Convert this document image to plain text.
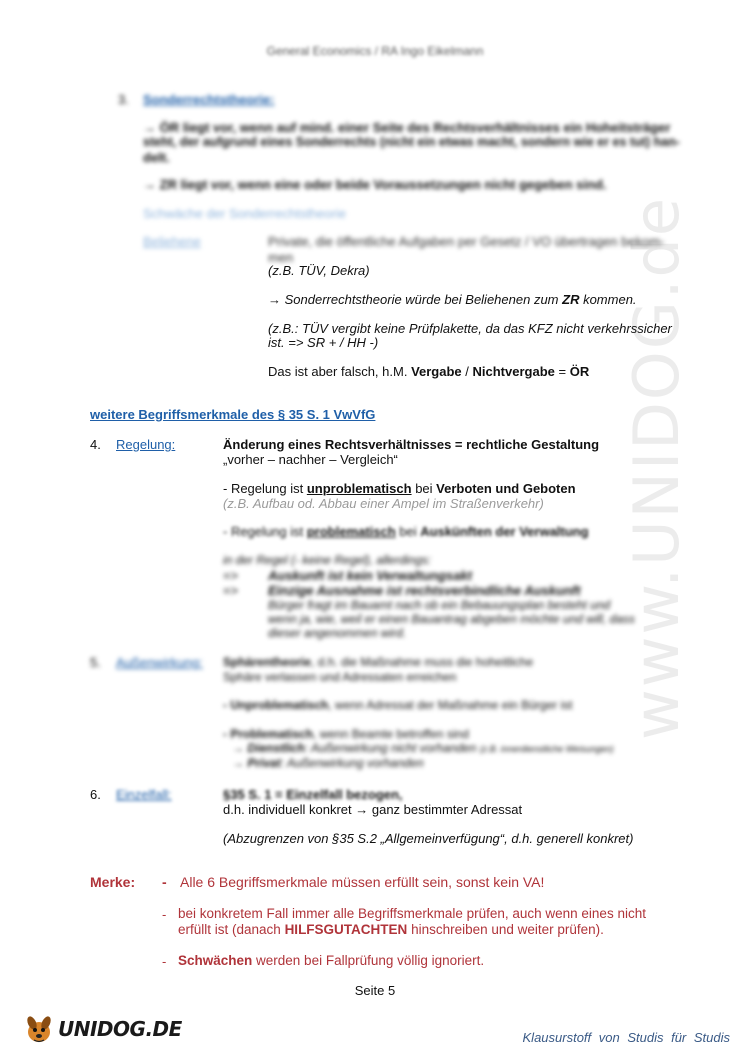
General Economics / RA Ingo Eikelmann
www.UNIDOG.de
3. Sonderrechtstheorie:
→ ÖR liegt vor, wenn auf mind. einer Seite des Rechtsverhältnisses ein Hoheitsträger
steht, der aufgrund eines Sonderrechts (nicht ein etwas macht, sondern wie er es tut) han-
delt.
→ ZR liegt vor, wenn eine oder beide Voraussetzungen nicht gegeben sind.
Schwäche der Sonderrechtstheorie
Beliehene	Private, die öffentliche Aufgaben per Gesetz / VO übertragen bekom-
men
(z.B. TÜV, Dekra)
→ Sonderrechtstheorie würde bei Beliehenen zum ZR kommen.
(z.B.: TÜV vergibt keine Prüfplakette, da das KFZ nicht verkehrssicher
ist. => SR + / HH -)
Das ist aber falsch, h.M. Vergabe / Nichtvergabe = ÖR
weitere Begriffsmerkmale des § 35 S. 1 VwVfG
4. Regelung:	Änderung eines Rechtsverhältnisses = rechtliche Gestaltung
„vorher – nachher – Vergleich“
- Regelung ist unproblematisch bei Verboten und Geboten
(z.B. Aufbau od. Abbau einer Ampel im Straßenverkehr)
- Regelung ist problematisch bei Auskünften der Verwaltung
in der Regel (- keine Regel), allerdings:
=> Auskunft ist kein Verwaltungsakt
=> Einzige Ausnahme ist rechtsverbindliche Auskunft
Bürger fragt im Bauamt nach ob ein Bebauungsplan besteht und
wenn ja, wie, weil er einen Bauantrag abgeben möchte und will, dass
dieser angenommen wird.
5. Außenwirkung: Sphärentheorie, d.h. die Maßnahme muss die hoheitliche
Sphäre verlassen und Adressaten erreichen
- Unproblematisch, wenn Adressat der Maßnahme ein Bürger ist
- Problematisch, wenn Beamte betroffen sind
→ Dienstlich: Außenwirkung nicht vorhanden (z.B. innerdienstliche Weisungen)
→ Privat: Außenwirkung vorhanden
6. Einzelfall:	§35 S. 1 = Einzelfall bezogen,
d.h. individuell konkret → ganz bestimmter Adressat
(Abzugrenzen von §35 S.2 „Allgemeinverfügung“, d.h. generell konkret)
Merke: - Alle 6 Begriffsmerkmale müssen erfüllt sein, sonst kein VA!
- bei konkretem Fall immer alle Begriffsmerkmale prüfen, auch wenn eines nicht
erfüllt ist (danach HILFSGUTACHTEN hinschreiben und weiter prüfen).
- Schwächen werden bei Fallprüfung völlig ignoriert.
Seite 5
UNIDOG.DE	Klausurstoff von Studis für Studis
